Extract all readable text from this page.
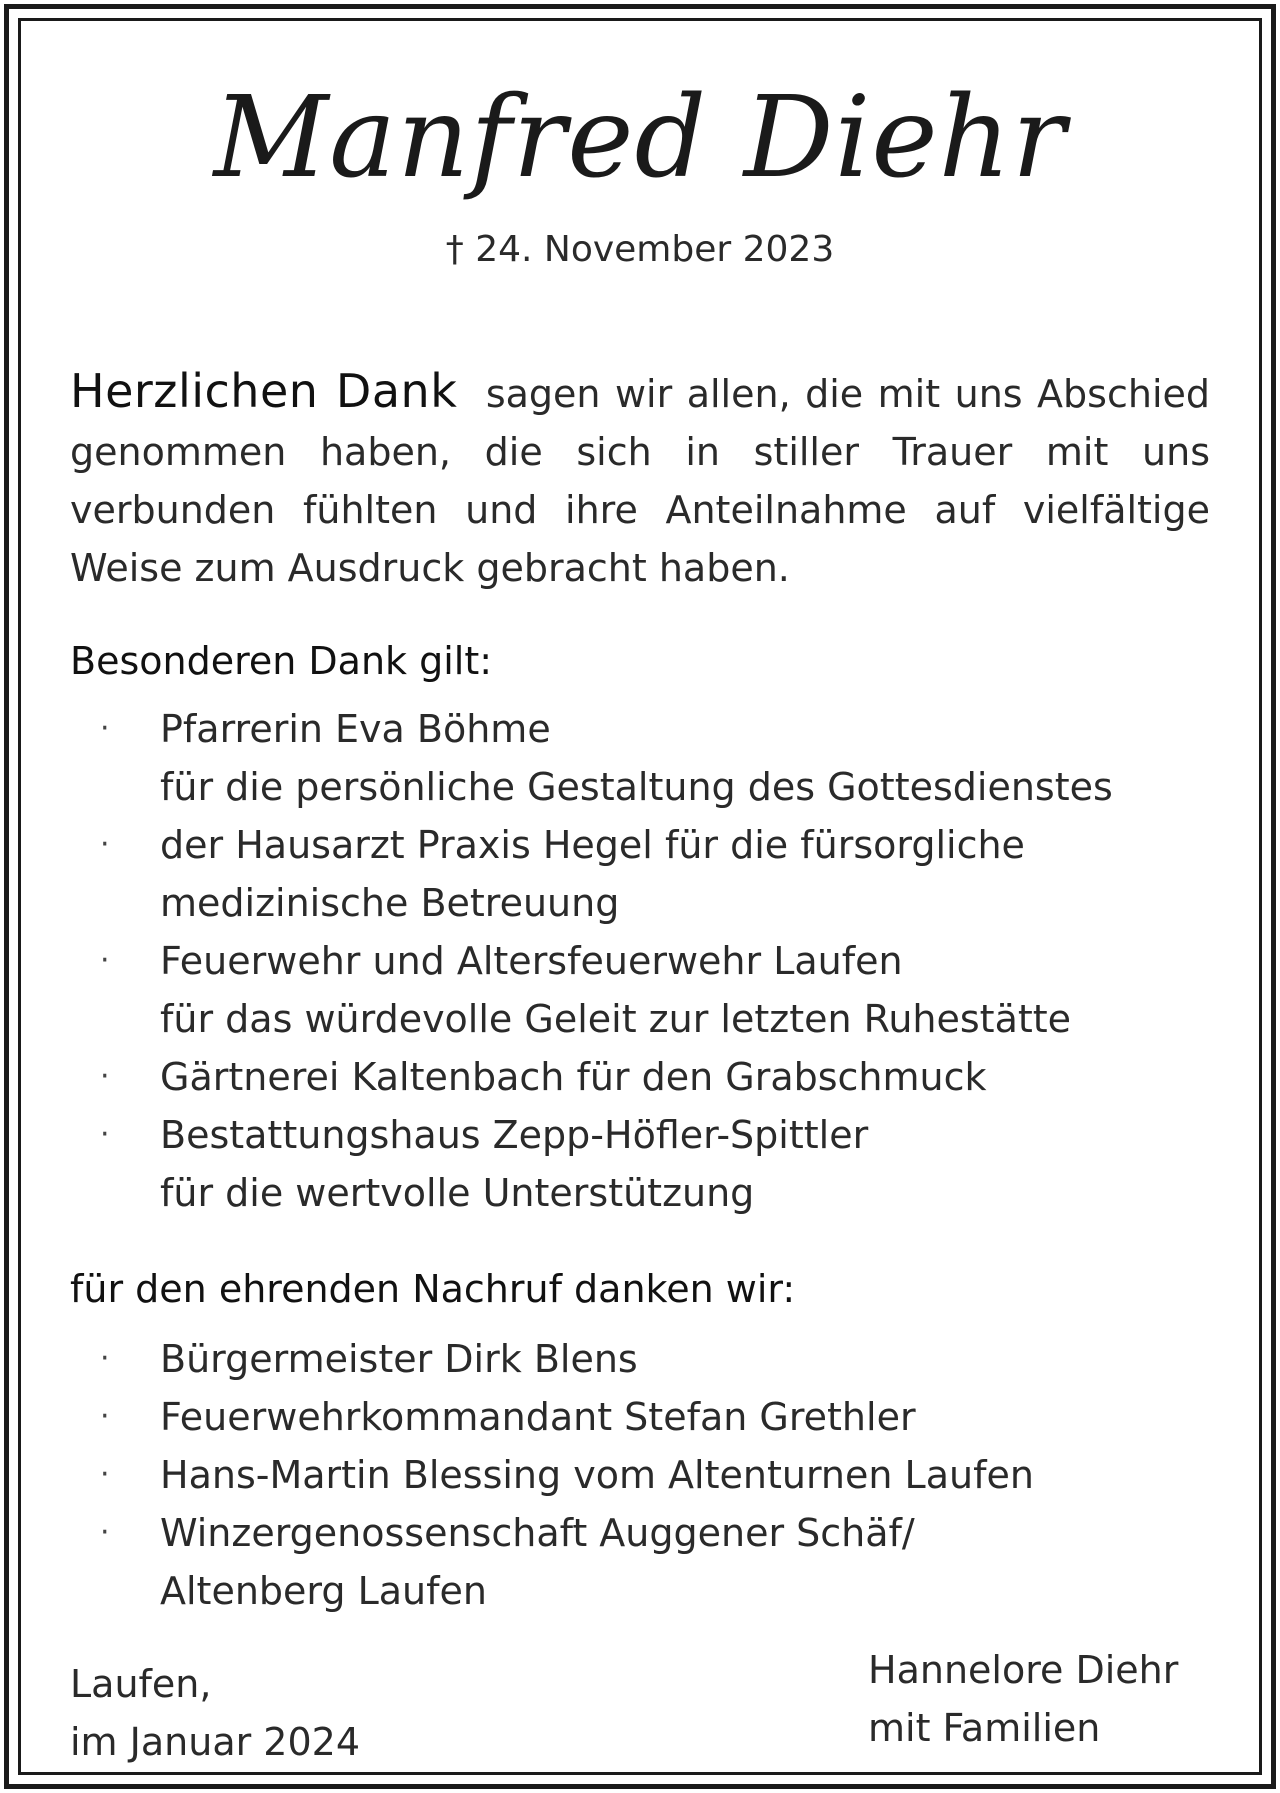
Manfred Diehr
† 24. November 2023
Herzlichen Dank sagen wir allen, die mit uns Abschied genommen haben, die sich in stiller Trauer mit uns verbunden fühlten und ihre Anteilnahme auf vielfältige Weise zum Ausdruck gebracht haben.
Besonderen Dank gilt:
· Pfarrerin Eva Böhme
für die persönliche Gestaltung des Gottesdienstes
· der Hausarzt Praxis Hegel für die fürsorgliche
medizinische Betreuung
· Feuerwehr und Altersfeuerwehr Laufen
für das würdevolle Geleit zur letzten Ruhestätte
· Gärtnerei Kaltenbach für den Grabschmuck
· Bestattungshaus Zepp-Höfler-Spittler
für die wertvolle Unterstützung
für den ehrenden Nachruf danken wir:
· Bürgermeister Dirk Blens
· Feuerwehrkommandant Stefan Grethler
· Hans-Martin Blessing vom Altenturnen Laufen
· Winzergenossenschaft Auggener Schäf/
Altenberg Laufen
Laufen,
im Januar 2024
Hannelore Diehr
mit Familien
